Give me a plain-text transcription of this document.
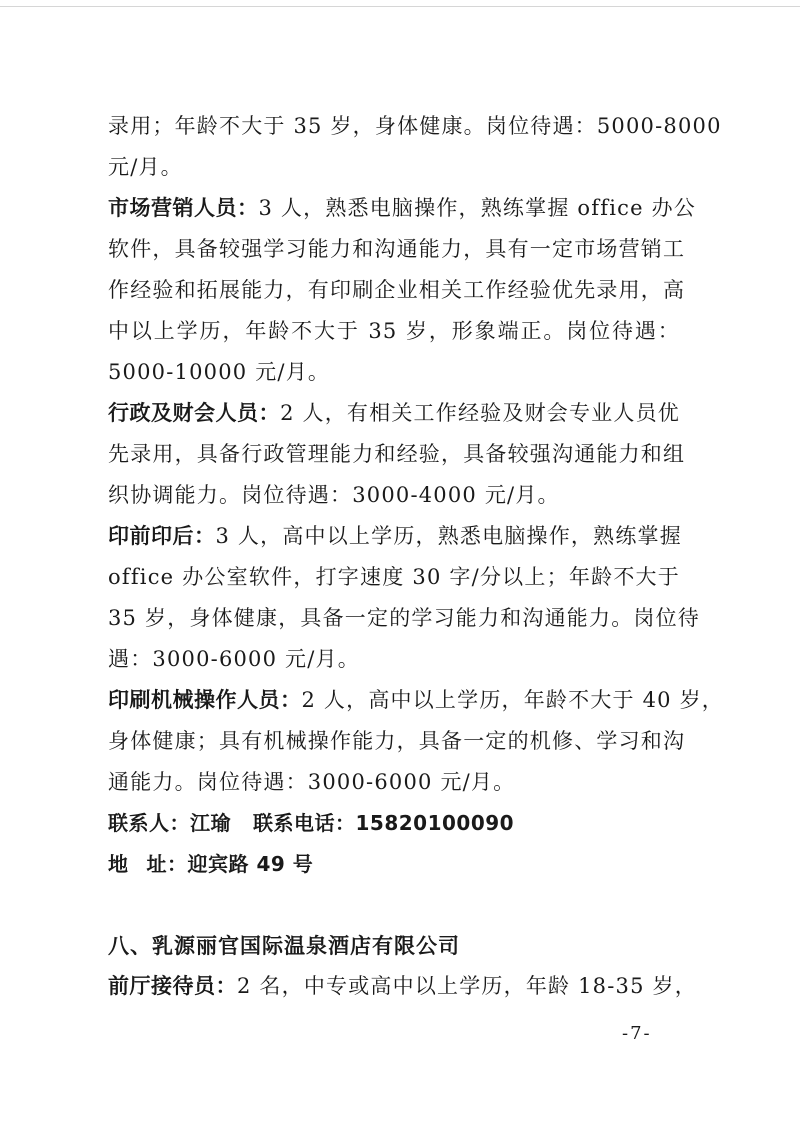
录用；年龄不大于 35 岁，身体健康。岗位待遇：5000-8000
元/月。
市场营销人员：3 人，熟悉电脑操作，熟练掌握 office 办公
软件，具备较强学习能力和沟通能力，具有一定市场营销工
作经验和拓展能力，有印刷企业相关工作经验优先录用，高
中以上学历，年龄不大于 35 岁，形象端正。岗位待遇：
5000-10000 元/月。
行政及财会人员：2 人，有相关工作经验及财会专业人员优
先录用，具备行政管理能力和经验，具备较强沟通能力和组
织协调能力。岗位待遇：3000-4000 元/月。
印前印后：3 人，高中以上学历，熟悉电脑操作，熟练掌握
office 办公室软件，打字速度 30 字/分以上；年龄不大于
35 岁，身体健康，具备一定的学习能力和沟通能力。岗位待
遇：3000-6000 元/月。
印刷机械操作人员：2 人，高中以上学历，年龄不大于 40 岁，
身体健康；具有机械操作能力，具备一定的机修、学习和沟
通能力。岗位待遇：3000-6000 元/月。
联系人：江瑜 联系电话：15820100090
地 址：迎宾路 49 号
八、乳源丽官国际温泉酒店有限公司
前厅接待员：2 名，中专或高中以上学历，年龄 18-35 岁，
-7-
